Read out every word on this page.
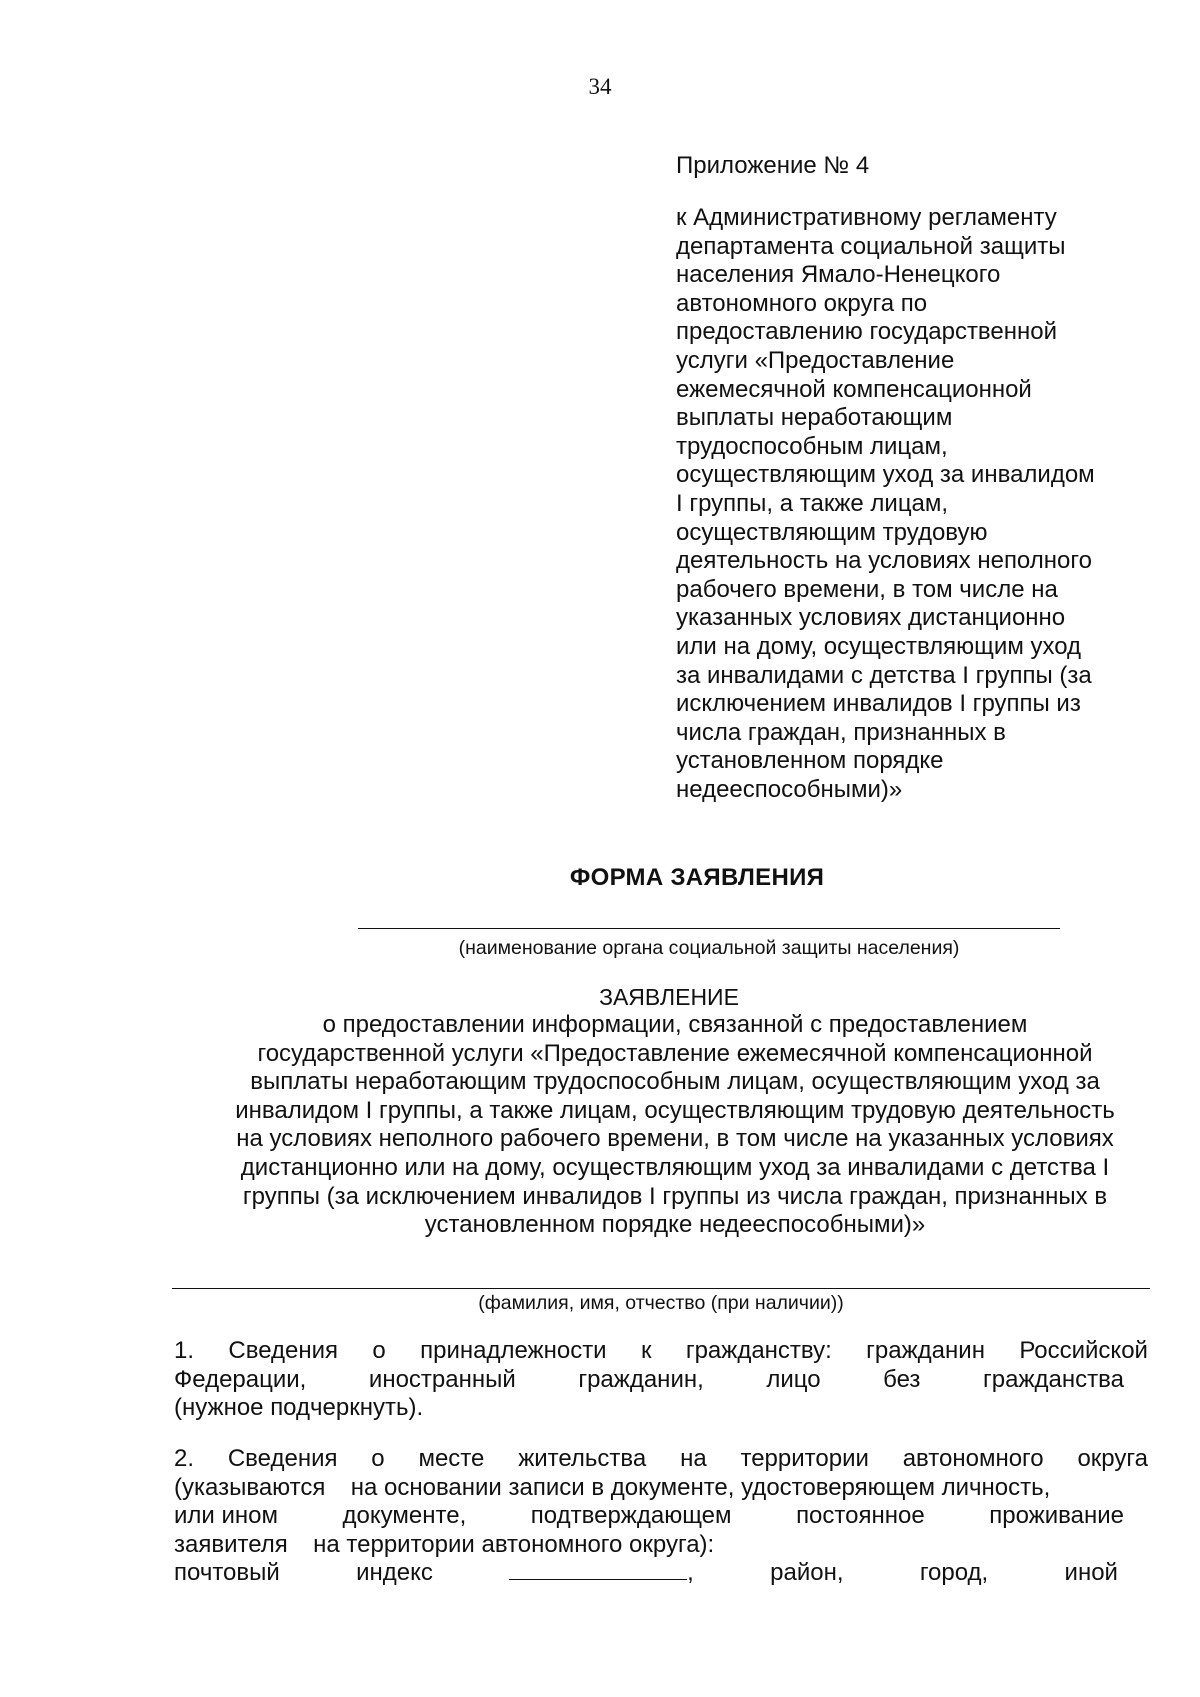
34
Приложение № 4
к Административному регламенту
департамента социальной защиты
населения Ямало-Ненецкого
автономного округа по
предоставлению государственной
услуги «Предоставление
ежемесячной компенсационной
выплаты неработающим
трудоспособным лицам,
осуществляющим уход за инвалидом
I группы, а также лицам,
осуществляющим трудовую
деятельность на условиях неполного
рабочего времени, в том числе на
указанных условиях дистанционно
или на дому, осуществляющим уход
за инвалидами с детства I группы (за
исключением инвалидов I группы из
числа граждан, признанных в
установленном порядке
недееспособными)»
ФОРМА ЗАЯВЛЕНИЯ
(наименование органа социальной защиты населения)
ЗАЯВЛЕНИЕ
о предоставлении информации, связанной с предоставлением
государственной услуги «Предоставление ежемесячной компенсационной
выплаты неработающим трудоспособным лицам, осуществляющим уход за
инвалидом I группы, а также лицам, осуществляющим трудовую деятельность
на условиях неполного рабочего времени, в том числе на указанных условиях
дистанционно или на дому, осуществляющим уход за инвалидами с детства I
группы (за исключением инвалидов I группы из числа граждан, признанных в
установленном порядке недееспособными)»
(фамилия, имя, отчество (при наличии))
1. Сведения о принадлежности к гражданству: гражданин Российской
Федерации,	иностранный	гражданин,	лицо	без	гражданства
(нужное подчеркнуть).
2. Сведения о месте жительства на территории автономного округа
(указываются на основании записи в документе, удостоверяющем личность,
или ином	документе,	подтверждающем	постоянное	проживание
заявителя на территории автономного округа):
почтовый	индекс	,	район,	город,	иной
